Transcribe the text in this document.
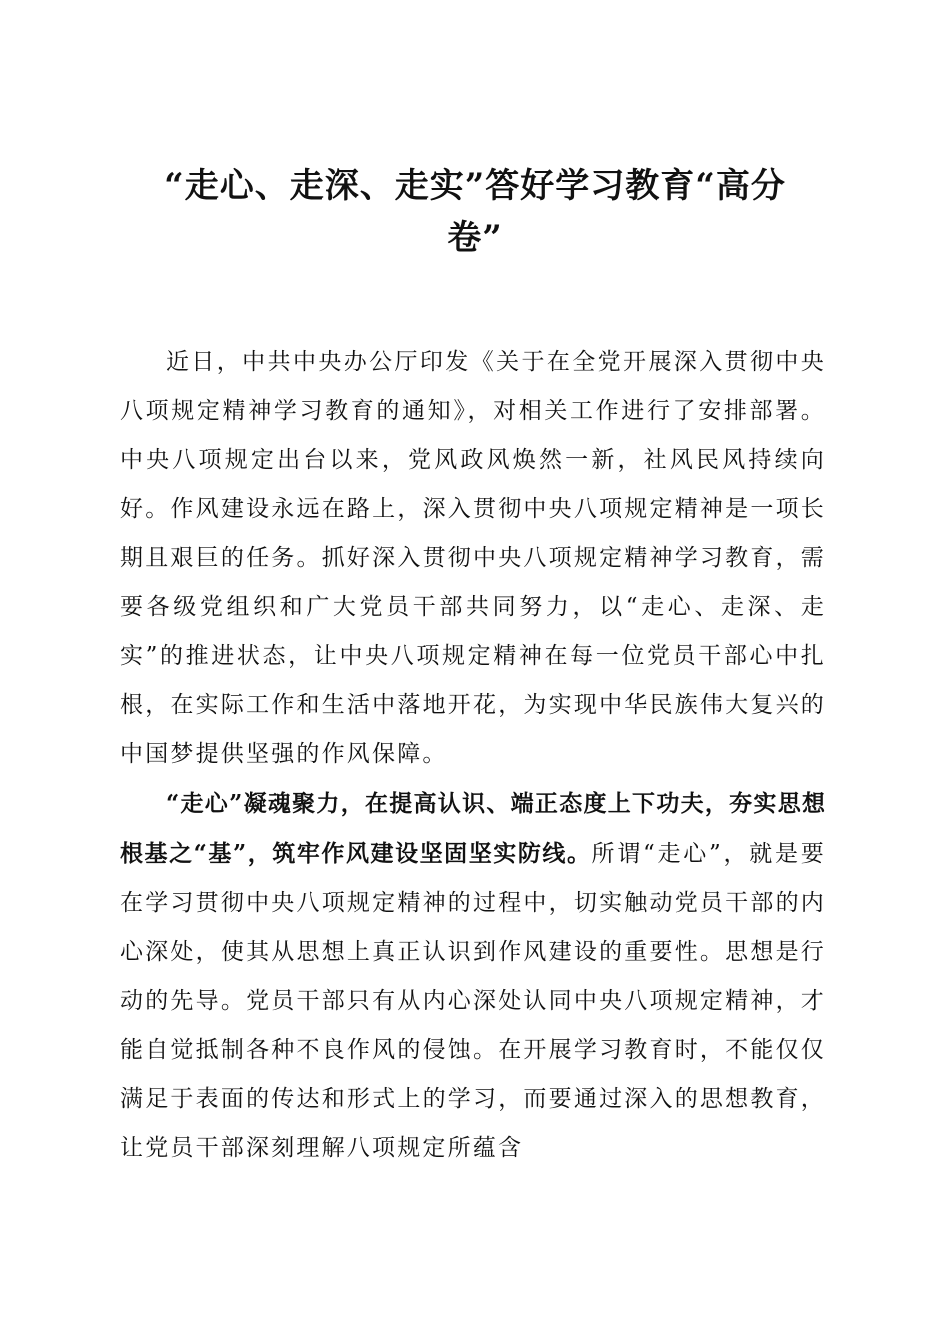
“走心、走深、走实”答好学习教育“高分
卷”

近日，中共中央办公厅印发《关于在全党开展深入贯彻中央八项规定精神学习教育的通知》，对相关工作进行了安排部署。中央八项规定出台以来，党风政风焕然一新，社风民风持续向好。作风建设永远在路上，深入贯彻中央八项规定精神是一项长期且艰巨的任务。抓好深入贯彻中央八项规定精神学习教育，需要各级党组织和广大党员干部共同努力，以“走心、走深、走实”的推进状态，让中央八项规定精神在每一位党员干部心中扎根，在实际工作和生活中落地开花，为实现中华民族伟大复兴的中国梦提供坚强的作风保障。

“走心”凝魂聚力，在提高认识、端正态度上下功夫，夯实思想根基之“基”，筑牢作风建设坚固坚实防线。所谓“走心”，就是要在学习贯彻中央八项规定精神的过程中，切实触动党员干部的内心深处，使其从思想上真正认识到作风建设的重要性。思想是行动的先导。党员干部只有从内心深处认同中央八项规定精神，才能自觉抵制各种不良作风的侵蚀。在开展学习教育时，不能仅仅满足于表面的传达和形式上的学习，而要通过深入的思想教育，让党员干部深刻理解八项规定所蕴含
